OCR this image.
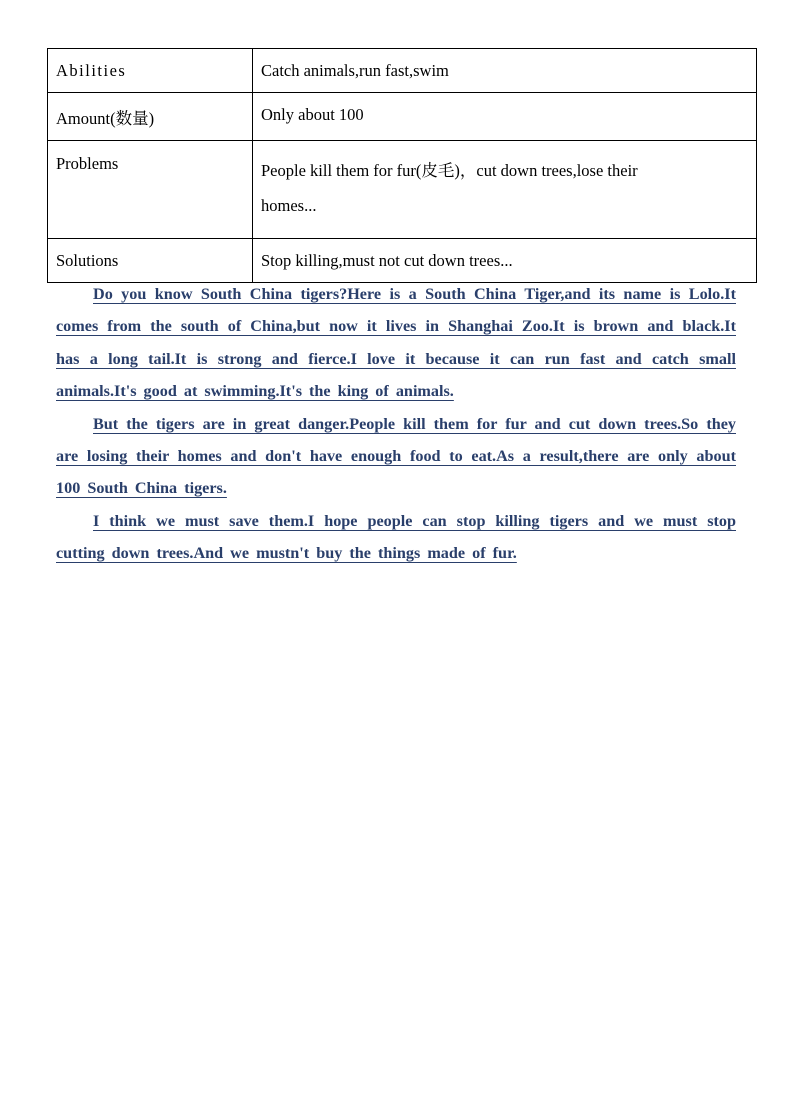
Abilities	Catch animals,run fast,swim
Amount(数量)	Only about 100
Problems	People kill them for fur(皮毛)，cut down trees,lose their
homes...

Solutions	Stop killing,must not cut down trees...

Do you know South China tigers?Here is a South China Tiger,and its name is Lolo.It comes from the south of China,but now it lives in Shanghai Zoo.It is brown and black.It has a long tail.It is strong and fierce.I love it because it can run fast and catch small animals.It's good at swimming.It's the king of animals.

But the tigers are in great danger.People kill them for fur and cut down trees.So they are losing their homes and don't have enough food to eat.As a result,there are only about 100 South China tigers.

I think we must save them.I hope people can stop killing tigers and we must stop cutting down trees.And we mustn't buy the things made of fur.
